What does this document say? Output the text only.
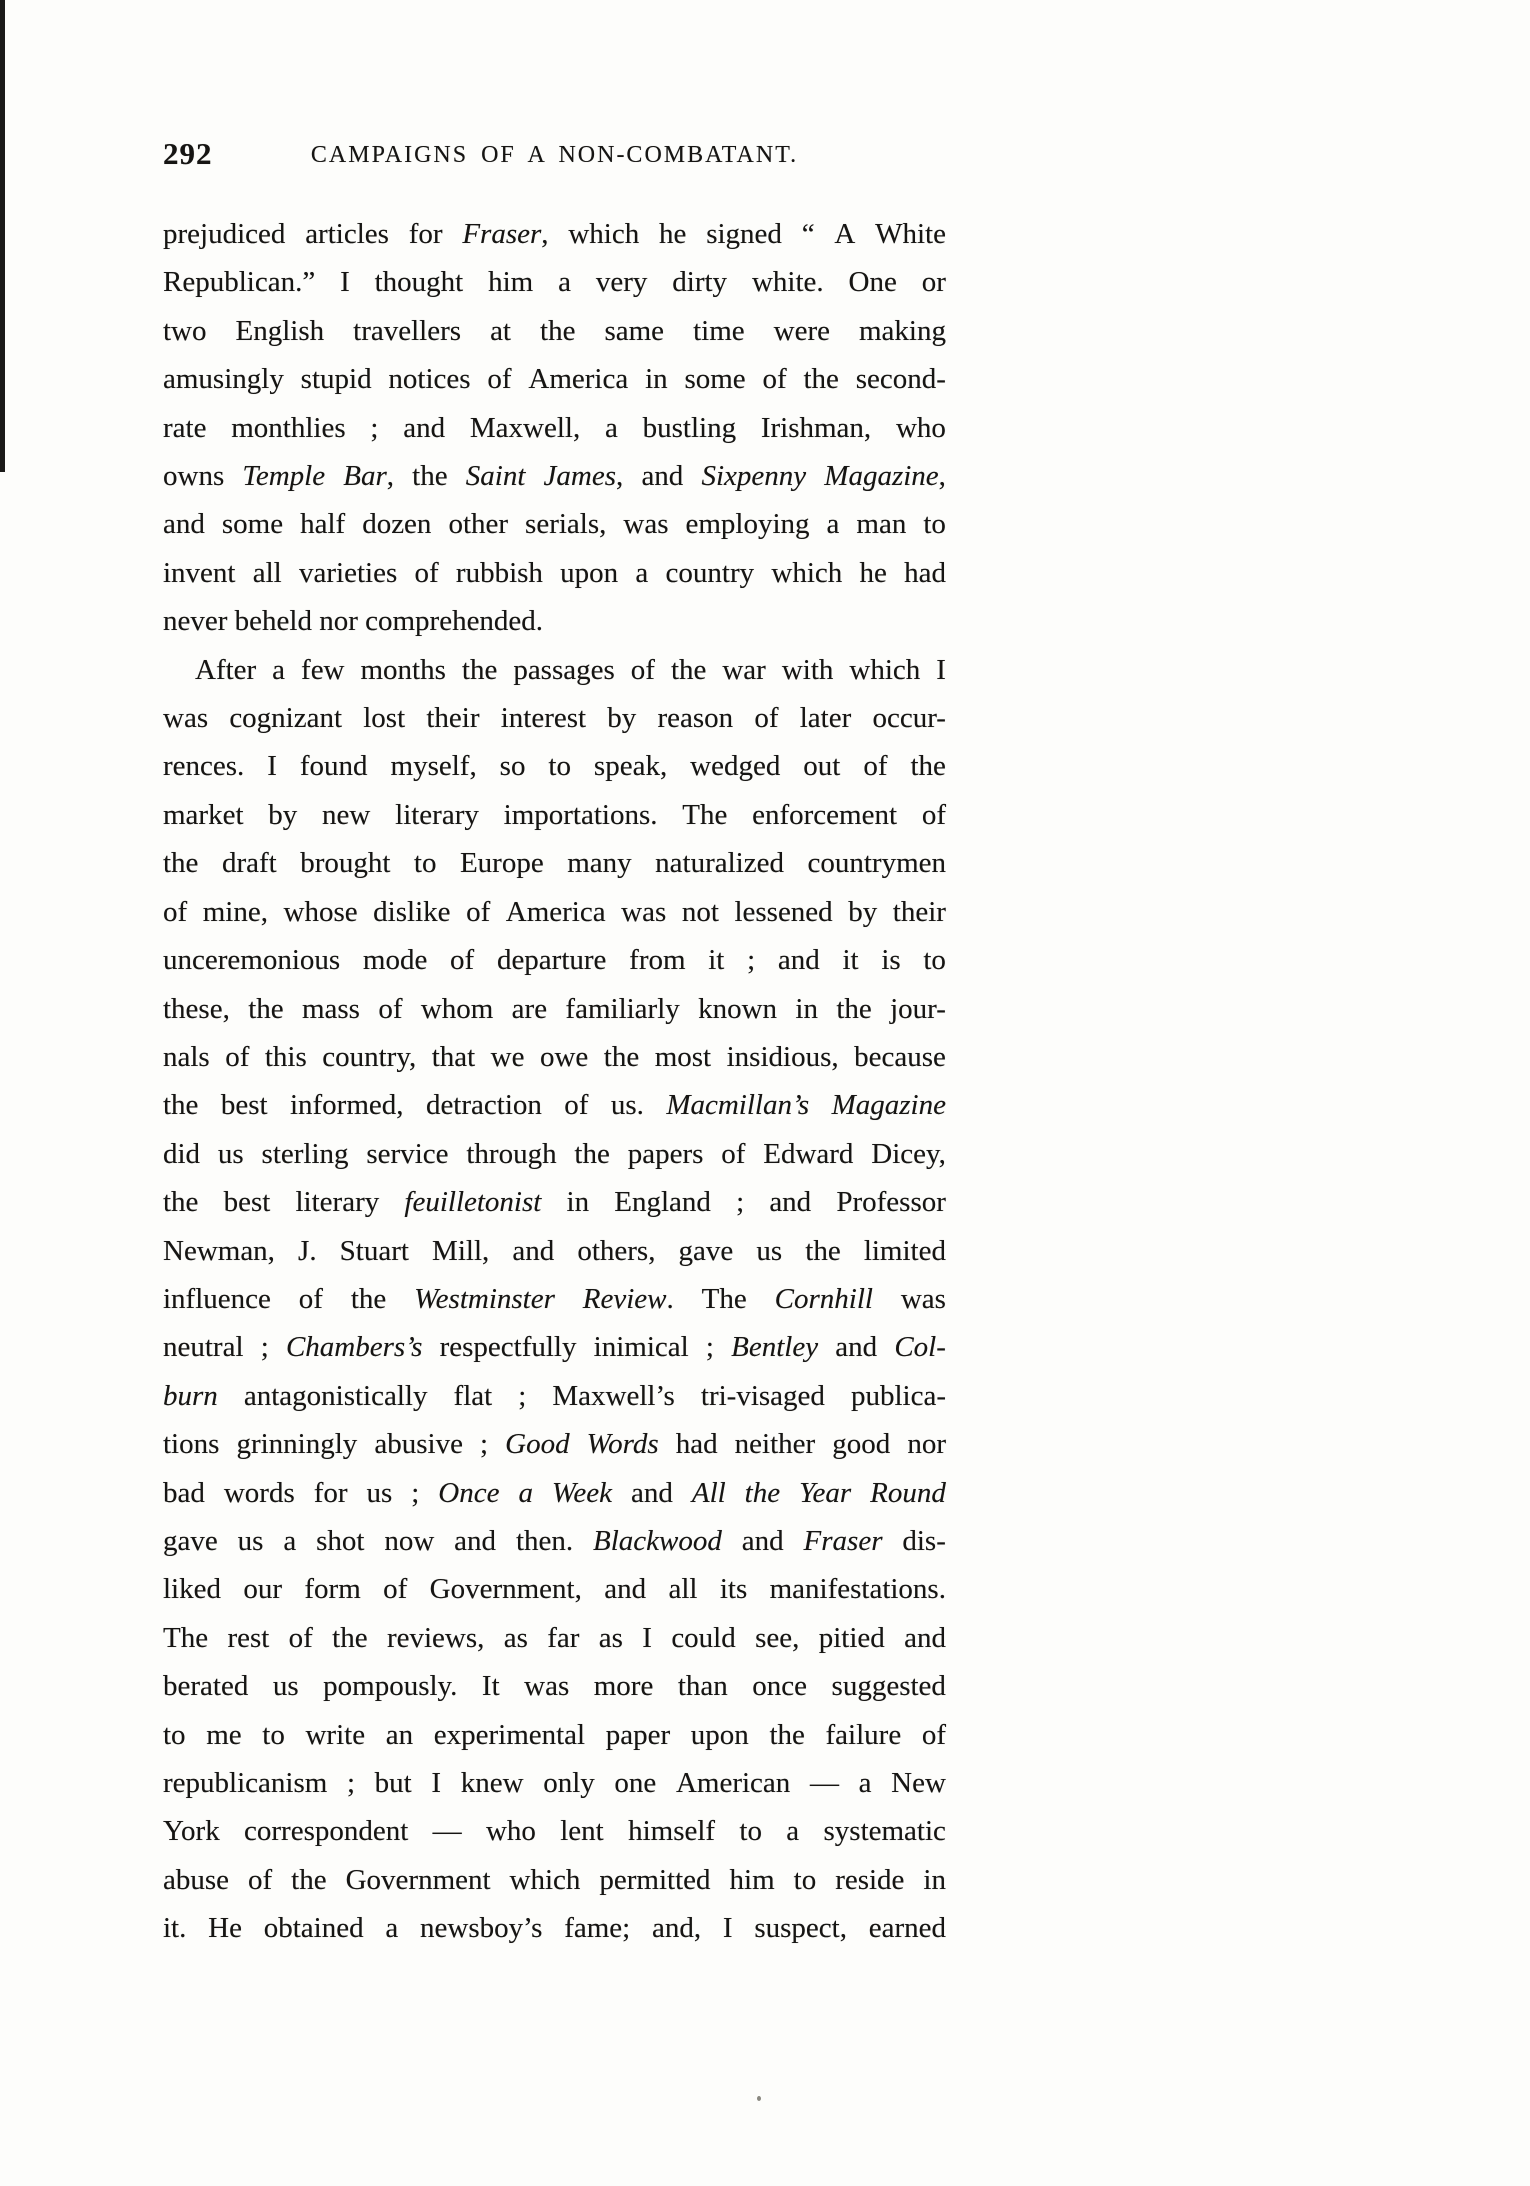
292	CAMPAIGNS OF A NON-COMBATANT.
prejudiced articles for Fraser, which he signed “ A White
Republican.” I thought him a very dirty white. One or
two English travellers at the same time were making
amusingly stupid notices of America in some of the second-
rate monthlies ; and Maxwell, a bustling Irishman, who
owns Temple Bar, the Saint James, and Sixpenny Magazine,
and some half dozen other serials, was employing a man to
invent all varieties of rubbish upon a country which he had
never beheld nor comprehended.
After a few months the passages of the war with which I
was cognizant lost their interest by reason of later occur-
rences. I found myself, so to speak, wedged out of the
market by new literary importations. The enforcement of
the draft brought to Europe many naturalized countrymen
of mine, whose dislike of America was not lessened by their
unceremonious mode of departure from it ; and it is to
these, the mass of whom are familiarly known in the jour-
nals of this country, that we owe the most insidious, because
the best informed, detraction of us. Macmillan’s Magazine
did us sterling service through the papers of Edward Dicey,
the best literary feuilletonist in England ; and Professor
Newman, J. Stuart Mill, and others, gave us the limited
influence of the Westminster Review. The Cornhill was
neutral ; Chambers’s respectfully inimical ; Bentley and Col-
burn antagonistically flat ; Maxwell’s tri-visaged publica-
tions grinningly abusive ; Good Words had neither good nor
bad words for us ; Once a Week and All the Year Round
gave us a shot now and then. Blackwood and Fraser dis-
liked our form of Government, and all its manifestations.
The rest of the reviews, as far as I could see, pitied and
berated us pompously. It was more than once suggested
to me to write an experimental paper upon the failure of
republicanism ; but I knew only one American — a New
York correspondent — who lent himself to a systematic
abuse of the Government which permitted him to reside in
it. He obtained a newsboy’s fame; and, I suspect, earned
